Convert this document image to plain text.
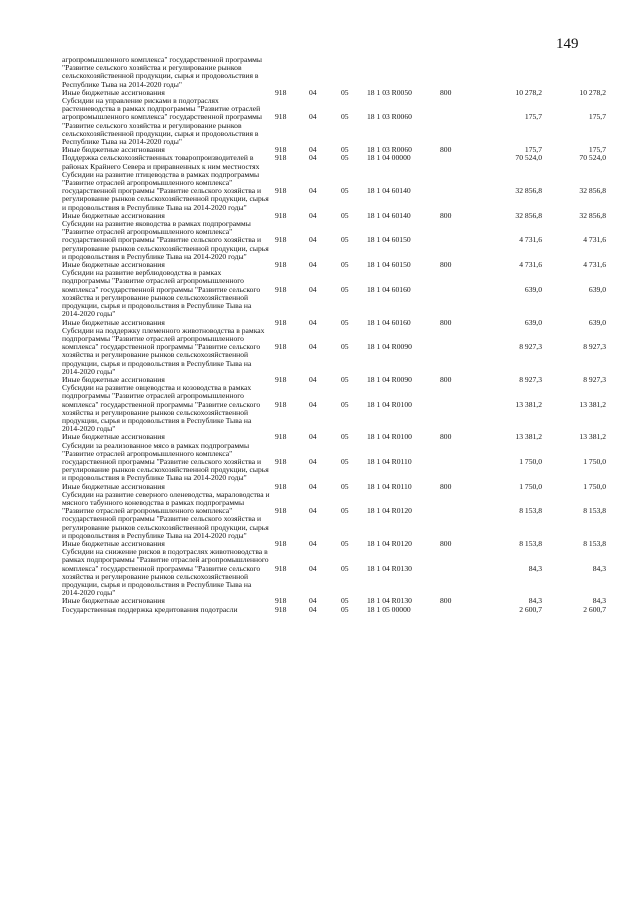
149
агропромышленного комплекса" государственной программы "Развитие сельского хозяйства и регулирование рынков сельскохозяйственной продукции, сырья и продовольствия в Республике Тыва на 2014-2020 годы"
Иные бюджетные ассигнования	918	04	05 18 1 03 R0050	800	10 278,2	10 278,2
Субсидии на управление рисками в подотраслях растениеводства в рамках подпрограммы "Развитие отраслей агропромышленного комплекса" государственной программы "Развитие сельского хозяйства и регулирование рынков сельскохозяйственной продукции, сырья и продовольствия в Республике Тыва на 2014-2020 годы"
918	04	05 18 1 03 R0060	175,7	175,7
Иные бюджетные ассигнования	918	04	05 18 1 03 R0060	800	175,7	175,7
Поддержка сельскохозяйственных товаропроизводителей в районах Крайнего Севера и приравненных к ним местностях
918	04	05 18 1 04 00000	70 524,0	70 524,0
Субсидии на развитие птицеводства в рамках подпрограммы "Развитие отраслей агропромышленного комплекса" государственной программы "Развитие сельского хозяйства и регулирование рынков сельскохозяйственной продукции, сырья и продовольствия в Республике Тыва на 2014-2020 годы"
918	04	05 18 1 04 60140	32 856,8	32 856,8
Иные бюджетные ассигнования	918	04	05 18 1 04 60140	800	32 856,8	32 856,8
Субсидии на развитие яководства в рамках подпрограммы "Развитие отраслей агропромышленного комплекса" государственной программы "Развитие сельского хозяйства и регулирование рынков сельскохозяйственной продукции, сырья и продовольствия в Республике Тыва на 2014-2020 годы"
918	04	05 18 1 04 60150	4 731,6	4 731,6
Иные бюджетные ассигнования	918	04	05 18 1 04 60150	800	4 731,6	4 731,6
Субсидии на развитие верблюдоводства в рамках подпрограммы "Развитие отраслей агропромышленного комплекса" государственной программы "Развитие сельского хозяйства и регулирование рынков сельскохозяйственной продукции, сырья и продовольствия в Республике Тыва на 2014-2020 годы"
918	04	05 18 1 04 60160	639,0	639,0
Иные бюджетные ассигнования	918	04	05 18 1 04 60160	800	639,0	639,0
Субсидии на поддержку племенного животноводства в рамках подпрограммы "Развитие отраслей агропромышленного комплекса" государственной программы "Развитие сельского хозяйства и регулирование рынков сельскохозяйственной продукции, сырья и продовольствия в Республике Тыва на 2014-2020 годы"
918	04	05 18 1 04 R0090	8 927,3	8 927,3
Иные бюджетные ассигнования	918	04	05 18 1 04 R0090	800	8 927,3	8 927,3
Субсидии на развитие овцеводства и козоводства в рамках подпрограммы "Развитие отраслей агропромышленного комплекса" государственной программы "Развитие сельского хозяйства и регулирование рынков сельскохозяйственной продукции, сырья и продовольствия в Республике Тыва на 2014-2020 годы"
918	04	05 18 1 04 R0100	13 381,2	13 381,2
Иные бюджетные ассигнования	918	04	05 18 1 04 R0100	800	13 381,2	13 381,2
Субсидии за реализованное мясо в рамках подпрограммы "Развитие отраслей агропромышленного комплекса" государственной программы "Развитие сельского хозяйства и регулирование рынков сельскохозяйственной продукции, сырья и продовольствия в Республике Тыва на 2014-2020 годы"
918	04	05 18 1 04 R0110	1 750,0	1 750,0
Иные бюджетные ассигнования	918	04	05 18 1 04 R0110	800	1 750,0	1 750,0
Субсидии на развитие северного оленеводства, мараловодства и мясного табунного коневодства в рамках подпрограммы "Развитие отраслей агропромышленного комплекса" государственной программы "Развитие сельского хозяйства и регулирование рынков сельскохозяйственной продукции, сырья и продовольствия в Республике Тыва на 2014-2020 годы"
918	04	05 18 1 04 R0120	8 153,8	8 153,8
Иные бюджетные ассигнования	918	04	05 18 1 04 R0120	800	8 153,8	8 153,8
Субсидии на снижение рисков в подотраслях животноводства в рамках подпрограммы "Развитие отраслей агропромышленного комплекса" государственной программы "Развитие сельского хозяйства и регулирование рынков сельскохозяйственной продукции, сырья и продовольствия в Республике Тыва на 2014-2020 годы"
918	04	05 18 1 04 R0130	84,3	84,3
Иные бюджетные ассигнования	918	04	05 18 1 04 R0130	800	84,3	84,3
Государственная поддержка кредитования подотрасли	918	04	05 18 1 05 00000	2 600,7	2 600,7
